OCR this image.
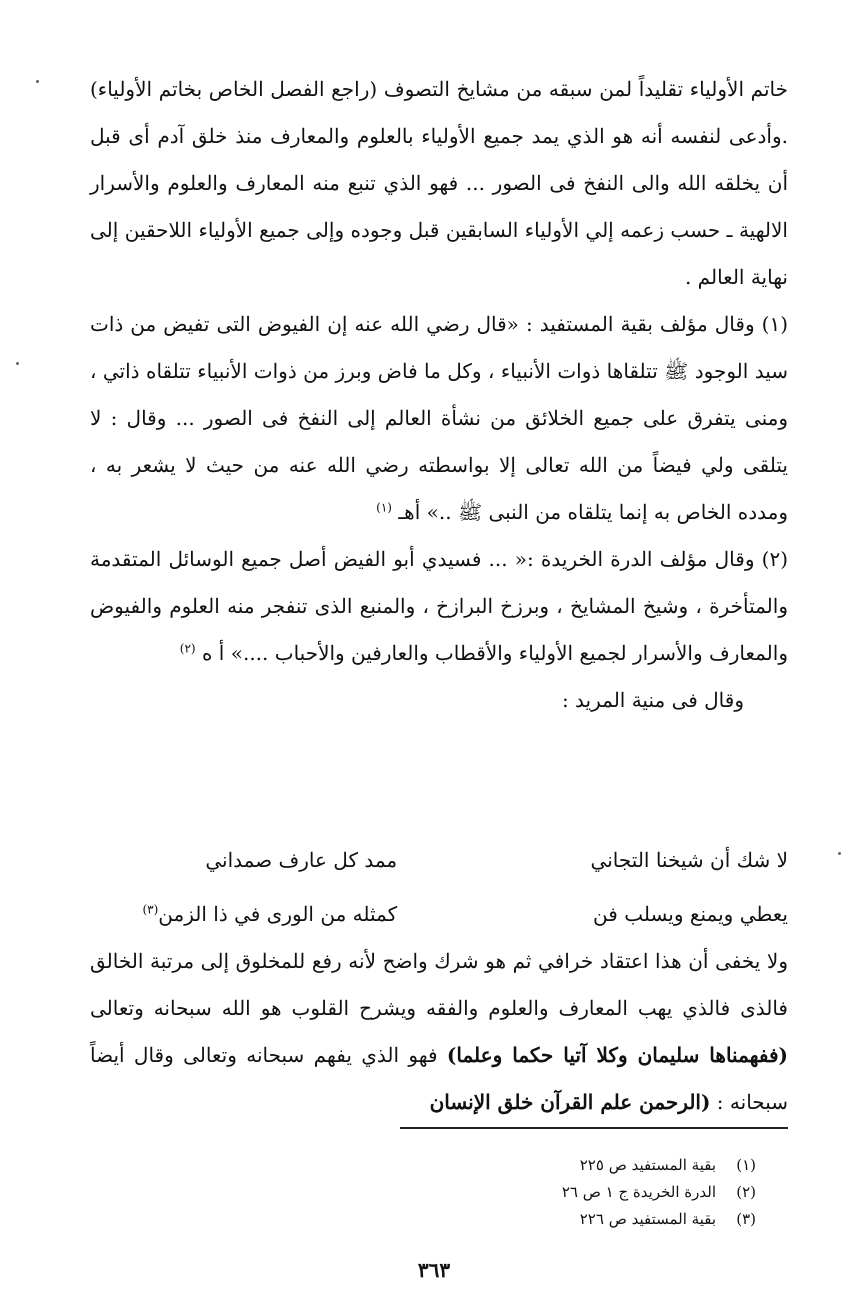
خاتم الأولياء تقليداً لمن سبقه من مشايخ التصوف (راجع الفصل الخاص بخاتم الأولياء) .وأدعى لنفسه أنه هو الذي يمد جميع الأولياء بالعلوم والمعارف منذ خلق آدم أى قبل أن يخلقه الله والى النفخ فى الصور ... فهو الذي تنبع منه المعارف والعلوم والأسرار الالهية ـ حسب زعمه إلي الأولياء السابقين قبل وجوده وإلى جميع الأولياء اللاحقين إلى نهاية العالم .

(١) وقال مؤلف بقية المستفيد : «قال رضي الله عنه إن الفيوض التى تفيض من ذات سيد الوجود ﷺ تتلقاها ذوات الأنبياء ، وكل ما فاض وبرز من ذوات الأنبياء تتلقاه ذاتي ، ومنى يتفرق على جميع الخلائق من نشأة العالم إلى النفخ فى الصور ... وقال : لا يتلقى ولي فيضاً من الله تعالى إلا بواسطته رضي الله عنه من حيث لا يشعر به ، ومدده الخاص به إنما يتلقاه من النبى ﷺ ..» أهـ $^{(١)}$

(٢) وقال مؤلف الدرة الخريدة :« ... فسيدي أبو الفيض أصل جميع الوسائل المتقدمة والمتأخرة ، وشيخ المشايخ ، وبرزخ البرازخ ، والمنبع الذى تنفجر منه العلوم والفيوض والمعارف والأسرار لجميع الأولياء والأقطاب والعارفين والأحباب ....» أ ه $^{(٢)}$

وقال فى منية المريد :

لا شك أن شيخنا التجاني
ممد كل عارف صمداني
يعطي ويمنع ويسلب فن
كمثله من الورى في ذا الزمن$^{(٣)}$

ولا يخفى أن هذا اعتقاد خرافي ثم هو شرك واضح لأنه رفع للمخلوق إلى مرتبة الخالق فالذى فالذي يهب المعارف والعلوم والفقه ويشرح القلوب هو الله سبحانه وتعالى (ففهمناها سليمان وكلا آتيا حكما وعلما) فهو الذي يفهم سبحانه وتعالى وقال أيضاً سبحانه : (الرحمن علم القرآن خلق الإنسان

(١)
بقية المستفيد ص ٢٢٥
(٢)
الدرة الخريدة ج ١ ص ٢٦
(٣)
بقية المستفيد ص ٢٢٦
٣٦٣
